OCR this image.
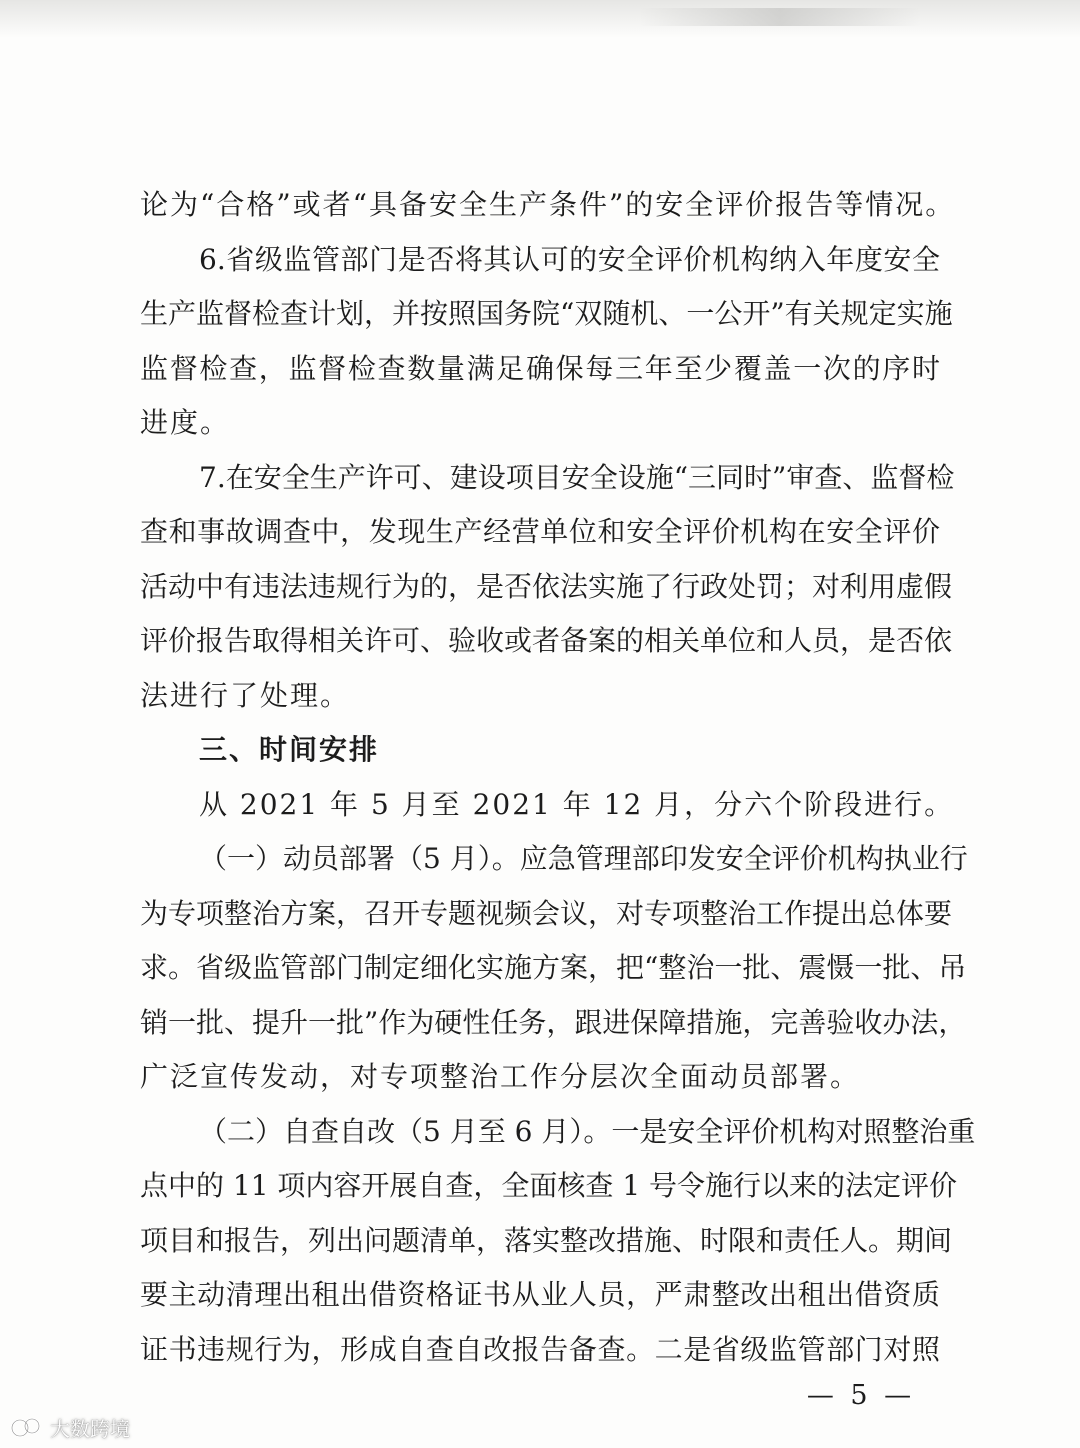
论为“合格”或者“具备安全生产条件”的安全评价报告等情况。
6.省级监管部门是否将其认可的安全评价机构纳入年度安全
生产监督检查计划，并按照国务院“双随机、一公开”有关规定实施
监督检查，监督检查数量满足确保每三年至少覆盖一次的序时
进度。
7.在安全生产许可、建设项目安全设施“三同时”审查、监督检
查和事故调查中，发现生产经营单位和安全评价机构在安全评价
活动中有违法违规行为的，是否依法实施了行政处罚；对利用虚假
评价报告取得相关许可、验收或者备案的相关单位和人员，是否依
法进行了处理。
三、时间安排
从 2021 年 5 月至 2021 年 12 月，分六个阶段进行。
（一）动员部署（5 月）。应急管理部印发安全评价机构执业行
为专项整治方案，召开专题视频会议，对专项整治工作提出总体要
求。省级监管部门制定细化实施方案，把“整治一批、震慑一批、吊
销一批、提升一批”作为硬性任务，跟进保障措施，完善验收办法，
广泛宣传发动，对专项整治工作分层次全面动员部署。
（二）自查自改（5 月至 6 月）。一是安全评价机构对照整治重
点中的 11 项内容开展自查，全面核查 1 号令施行以来的法定评价
项目和报告，列出问题清单，落实整改措施、时限和责任人。期间
要主动清理出租出借资格证书从业人员，严肃整改出租出借资质
证书违规行为，形成自查自改报告备查。二是省级监管部门对照
— 5 —
大数跨境
